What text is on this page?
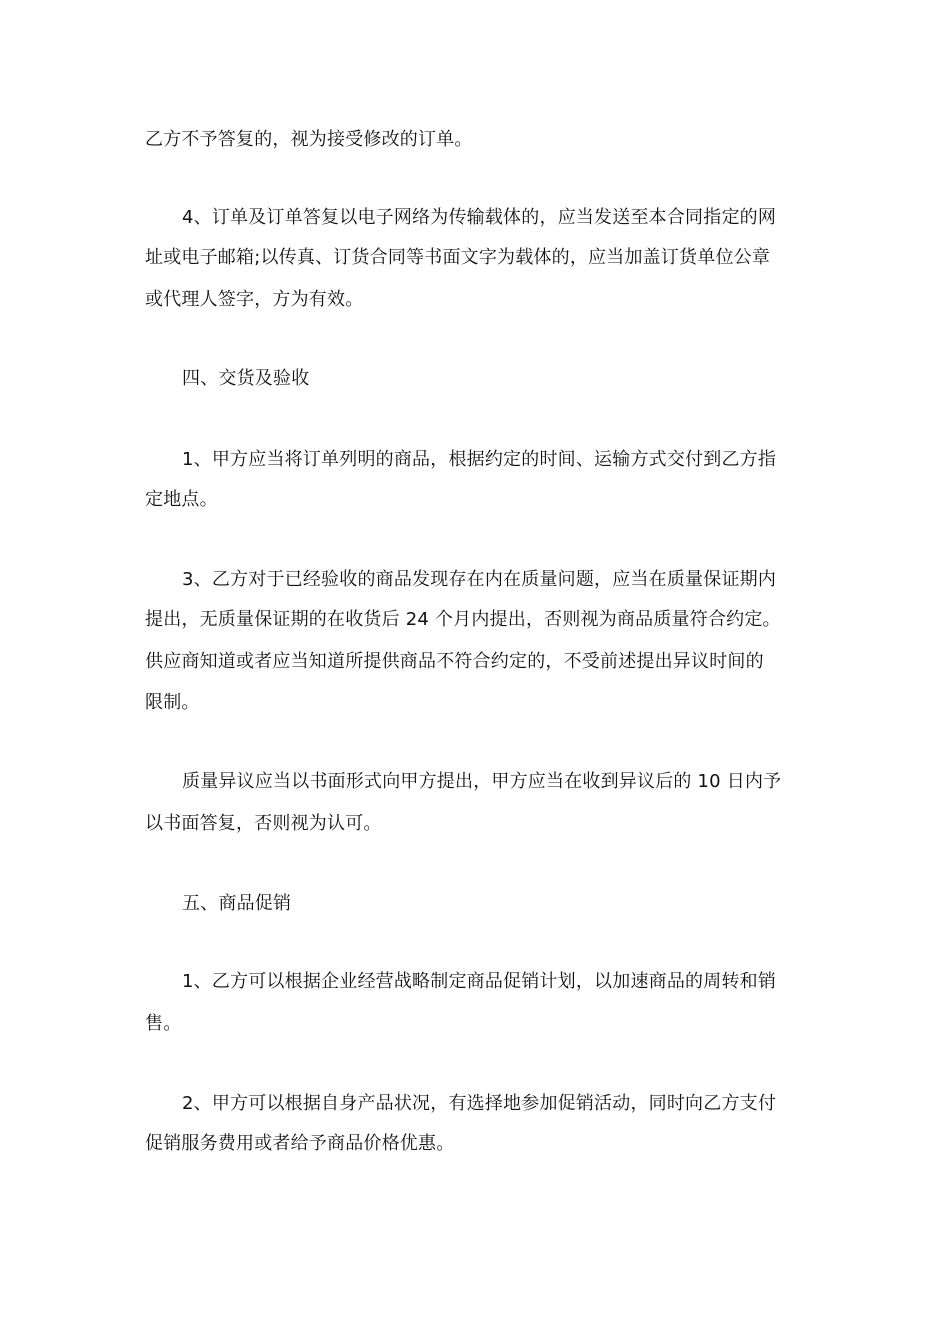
乙方不予答复的，视为接受修改的订单。
4、订单及订单答复以电子网络为传输载体的，应当发送至本合同指定的网
址或电子邮箱;以传真、订货合同等书面文字为载体的，应当加盖订货单位公章
或代理人签字，方为有效。
四、交货及验收
1、甲方应当将订单列明的商品，根据约定的时间、运输方式交付到乙方指
定地点。
3、乙方对于已经验收的商品发现存在内在质量问题，应当在质量保证期内
提出，无质量保证期的在收货后 24 个月内提出，否则视为商品质量符合约定。
供应商知道或者应当知道所提供商品不符合约定的，不受前述提出异议时间的
限制。
质量异议应当以书面形式向甲方提出，甲方应当在收到异议后的 10 日内予
以书面答复，否则视为认可。
五、商品促销
1、乙方可以根据企业经营战略制定商品促销计划，以加速商品的周转和销
售。
2、甲方可以根据自身产品状况，有选择地参加促销活动，同时向乙方支付
促销服务费用或者给予商品价格优惠。
